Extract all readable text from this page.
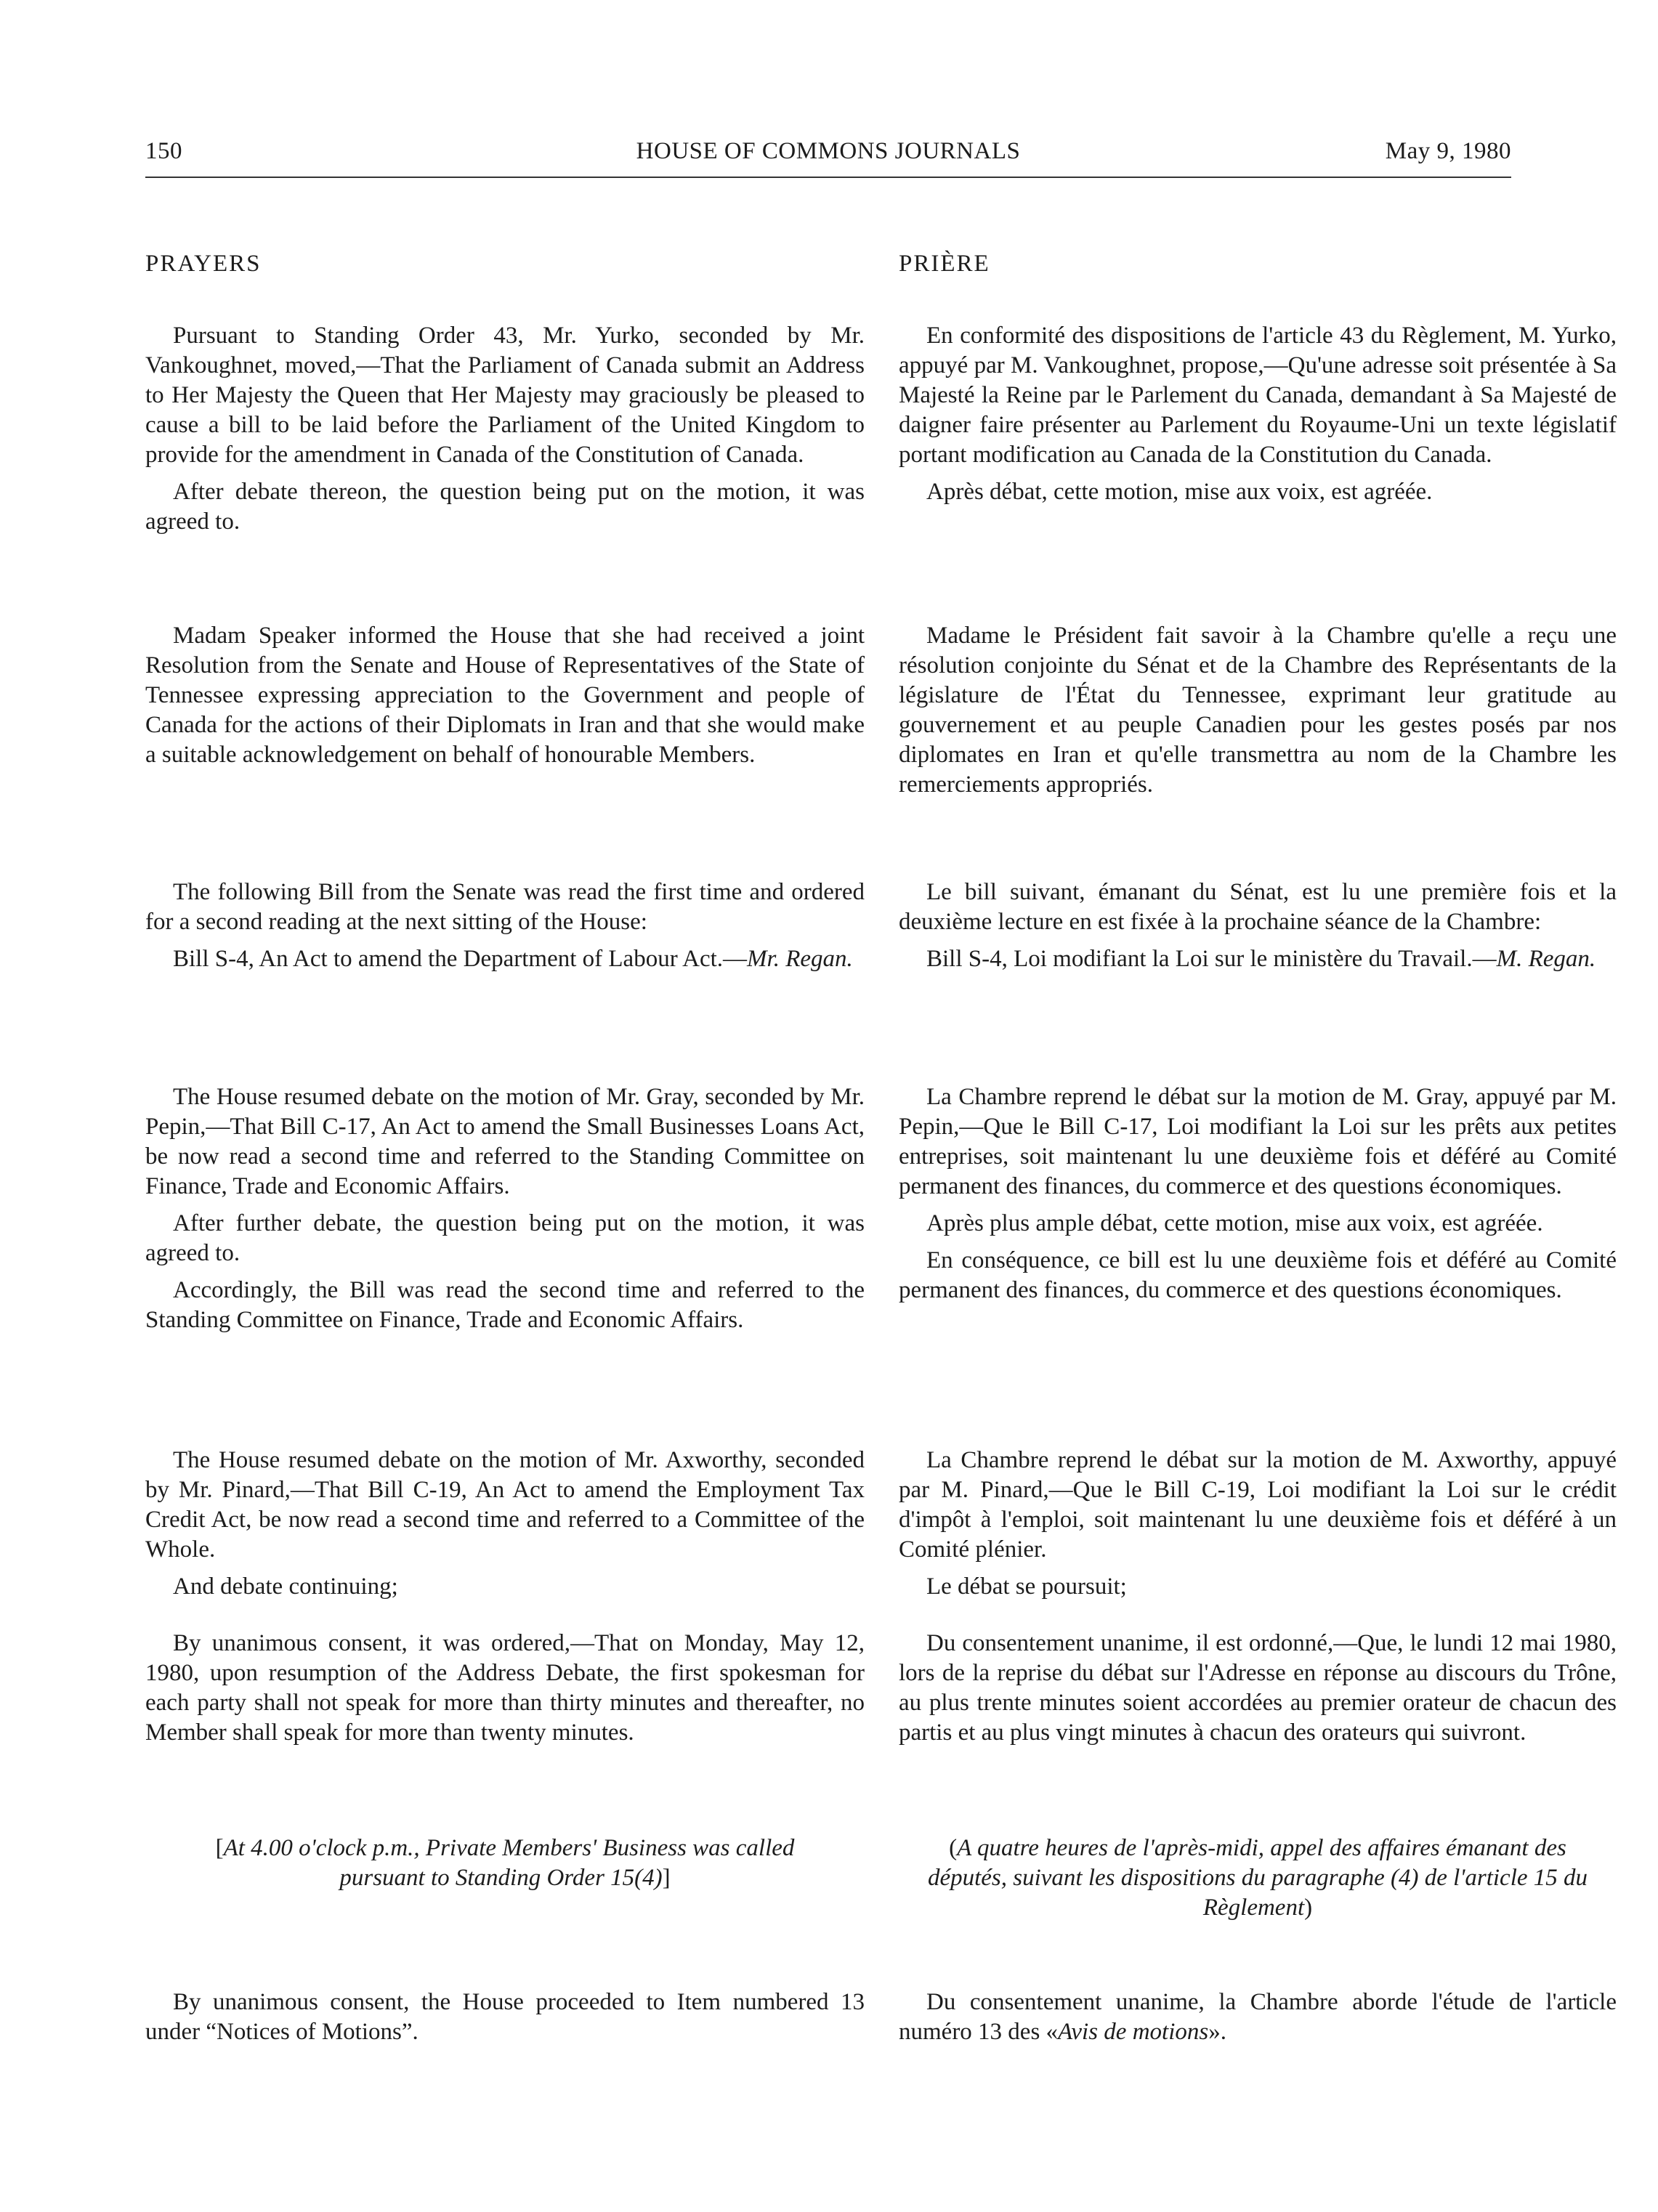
150	HOUSE OF COMMONS JOURNALS	May 9, 1980
PRAYERS

Pursuant to Standing Order 43, Mr. Yurko, seconded by Mr. Vankoughnet, moved,—That the Parliament of Canada submit an Address to Her Majesty the Queen that Her Majesty may graciously be pleased to cause a bill to be laid before the Parliament of the United Kingdom to provide for the amendment in Canada of the Constitution of Canada.

After debate thereon, the question being put on the motion, it was agreed to.

Madam Speaker informed the House that she had received a joint Resolution from the Senate and House of Representatives of the State of Tennessee expressing appreciation to the Government and people of Canada for the actions of their Diplomats in Iran and that she would make a suitable acknowledgement on behalf of honourable Members.

The following Bill from the Senate was read the first time and ordered for a second reading at the next sitting of the House:

Bill S-4, An Act to amend the Department of Labour Act.—Mr. Regan.

The House resumed debate on the motion of Mr. Gray, seconded by Mr. Pepin,—That Bill C-17, An Act to amend the Small Businesses Loans Act, be now read a second time and referred to the Standing Committee on Finance, Trade and Economic Affairs.

After further debate, the question being put on the motion, it was agreed to.

Accordingly, the Bill was read the second time and referred to the Standing Committee on Finance, Trade and Economic Affairs.

The House resumed debate on the motion of Mr. Axworthy, seconded by Mr. Pinard,—That Bill C-19, An Act to amend the Employment Tax Credit Act, be now read a second time and referred to a Committee of the Whole.

And debate continuing;

By unanimous consent, it was ordered,—That on Monday, May 12, 1980, upon resumption of the Address Debate, the first spokesman for each party shall not speak for more than thirty minutes and thereafter, no Member shall speak for more than twenty minutes.

[At 4.00 o'clock p.m., Private Members' Business was called pursuant to Standing Order 15(4)]

By unanimous consent, the House proceeded to Item numbered 13 under “Notices of Motions”.

PRIÈRE

En conformité des dispositions de l'article 43 du Règlement, M. Yurko, appuyé par M. Vankoughnet, propose,—Qu'une adresse soit présentée à Sa Majesté la Reine par le Parlement du Canada, demandant à Sa Majesté de daigner faire présenter au Parlement du Royaume-Uni un texte législatif portant modification au Canada de la Constitution du Canada.

Après débat, cette motion, mise aux voix, est agréée.

Madame le Président fait savoir à la Chambre qu'elle a reçu une résolution conjointe du Sénat et de la Chambre des Représentants de la législature de l'État du Tennessee, exprimant leur gratitude au gouvernement et au peuple Canadien pour les gestes posés par nos diplomates en Iran et qu'elle transmettra au nom de la Chambre les remerciements appropriés.

Le bill suivant, émanant du Sénat, est lu une première fois et la deuxième lecture en est fixée à la prochaine séance de la Chambre:

Bill S-4, Loi modifiant la Loi sur le ministère du Travail.—M. Regan.

La Chambre reprend le débat sur la motion de M. Gray, appuyé par M. Pepin,—Que le Bill C-17, Loi modifiant la Loi sur les prêts aux petites entreprises, soit maintenant lu une deuxième fois et déféré au Comité permanent des finances, du commerce et des questions économiques.

Après plus ample débat, cette motion, mise aux voix, est agréée.

En conséquence, ce bill est lu une deuxième fois et déféré au Comité permanent des finances, du commerce et des questions économiques.

La Chambre reprend le débat sur la motion de M. Axworthy, appuyé par M. Pinard,—Que le Bill C-19, Loi modifiant la Loi sur le crédit d'impôt à l'emploi, soit maintenant lu une deuxième fois et déféré à un Comité plénier.

Le débat se poursuit;

Du consentement unanime, il est ordonné,—Que, le lundi 12 mai 1980, lors de la reprise du débat sur l'Adresse en réponse au discours du Trône, au plus trente minutes soient accordées au premier orateur de chacun des partis et au plus vingt minutes à chacun des orateurs qui suivront.

(A quatre heures de l'après-midi, appel des affaires émanant des députés, suivant les dispositions du paragraphe (4) de l'article 15 du Règlement)

Du consentement unanime, la Chambre aborde l'étude de l'article numéro 13 des «Avis de motions».
